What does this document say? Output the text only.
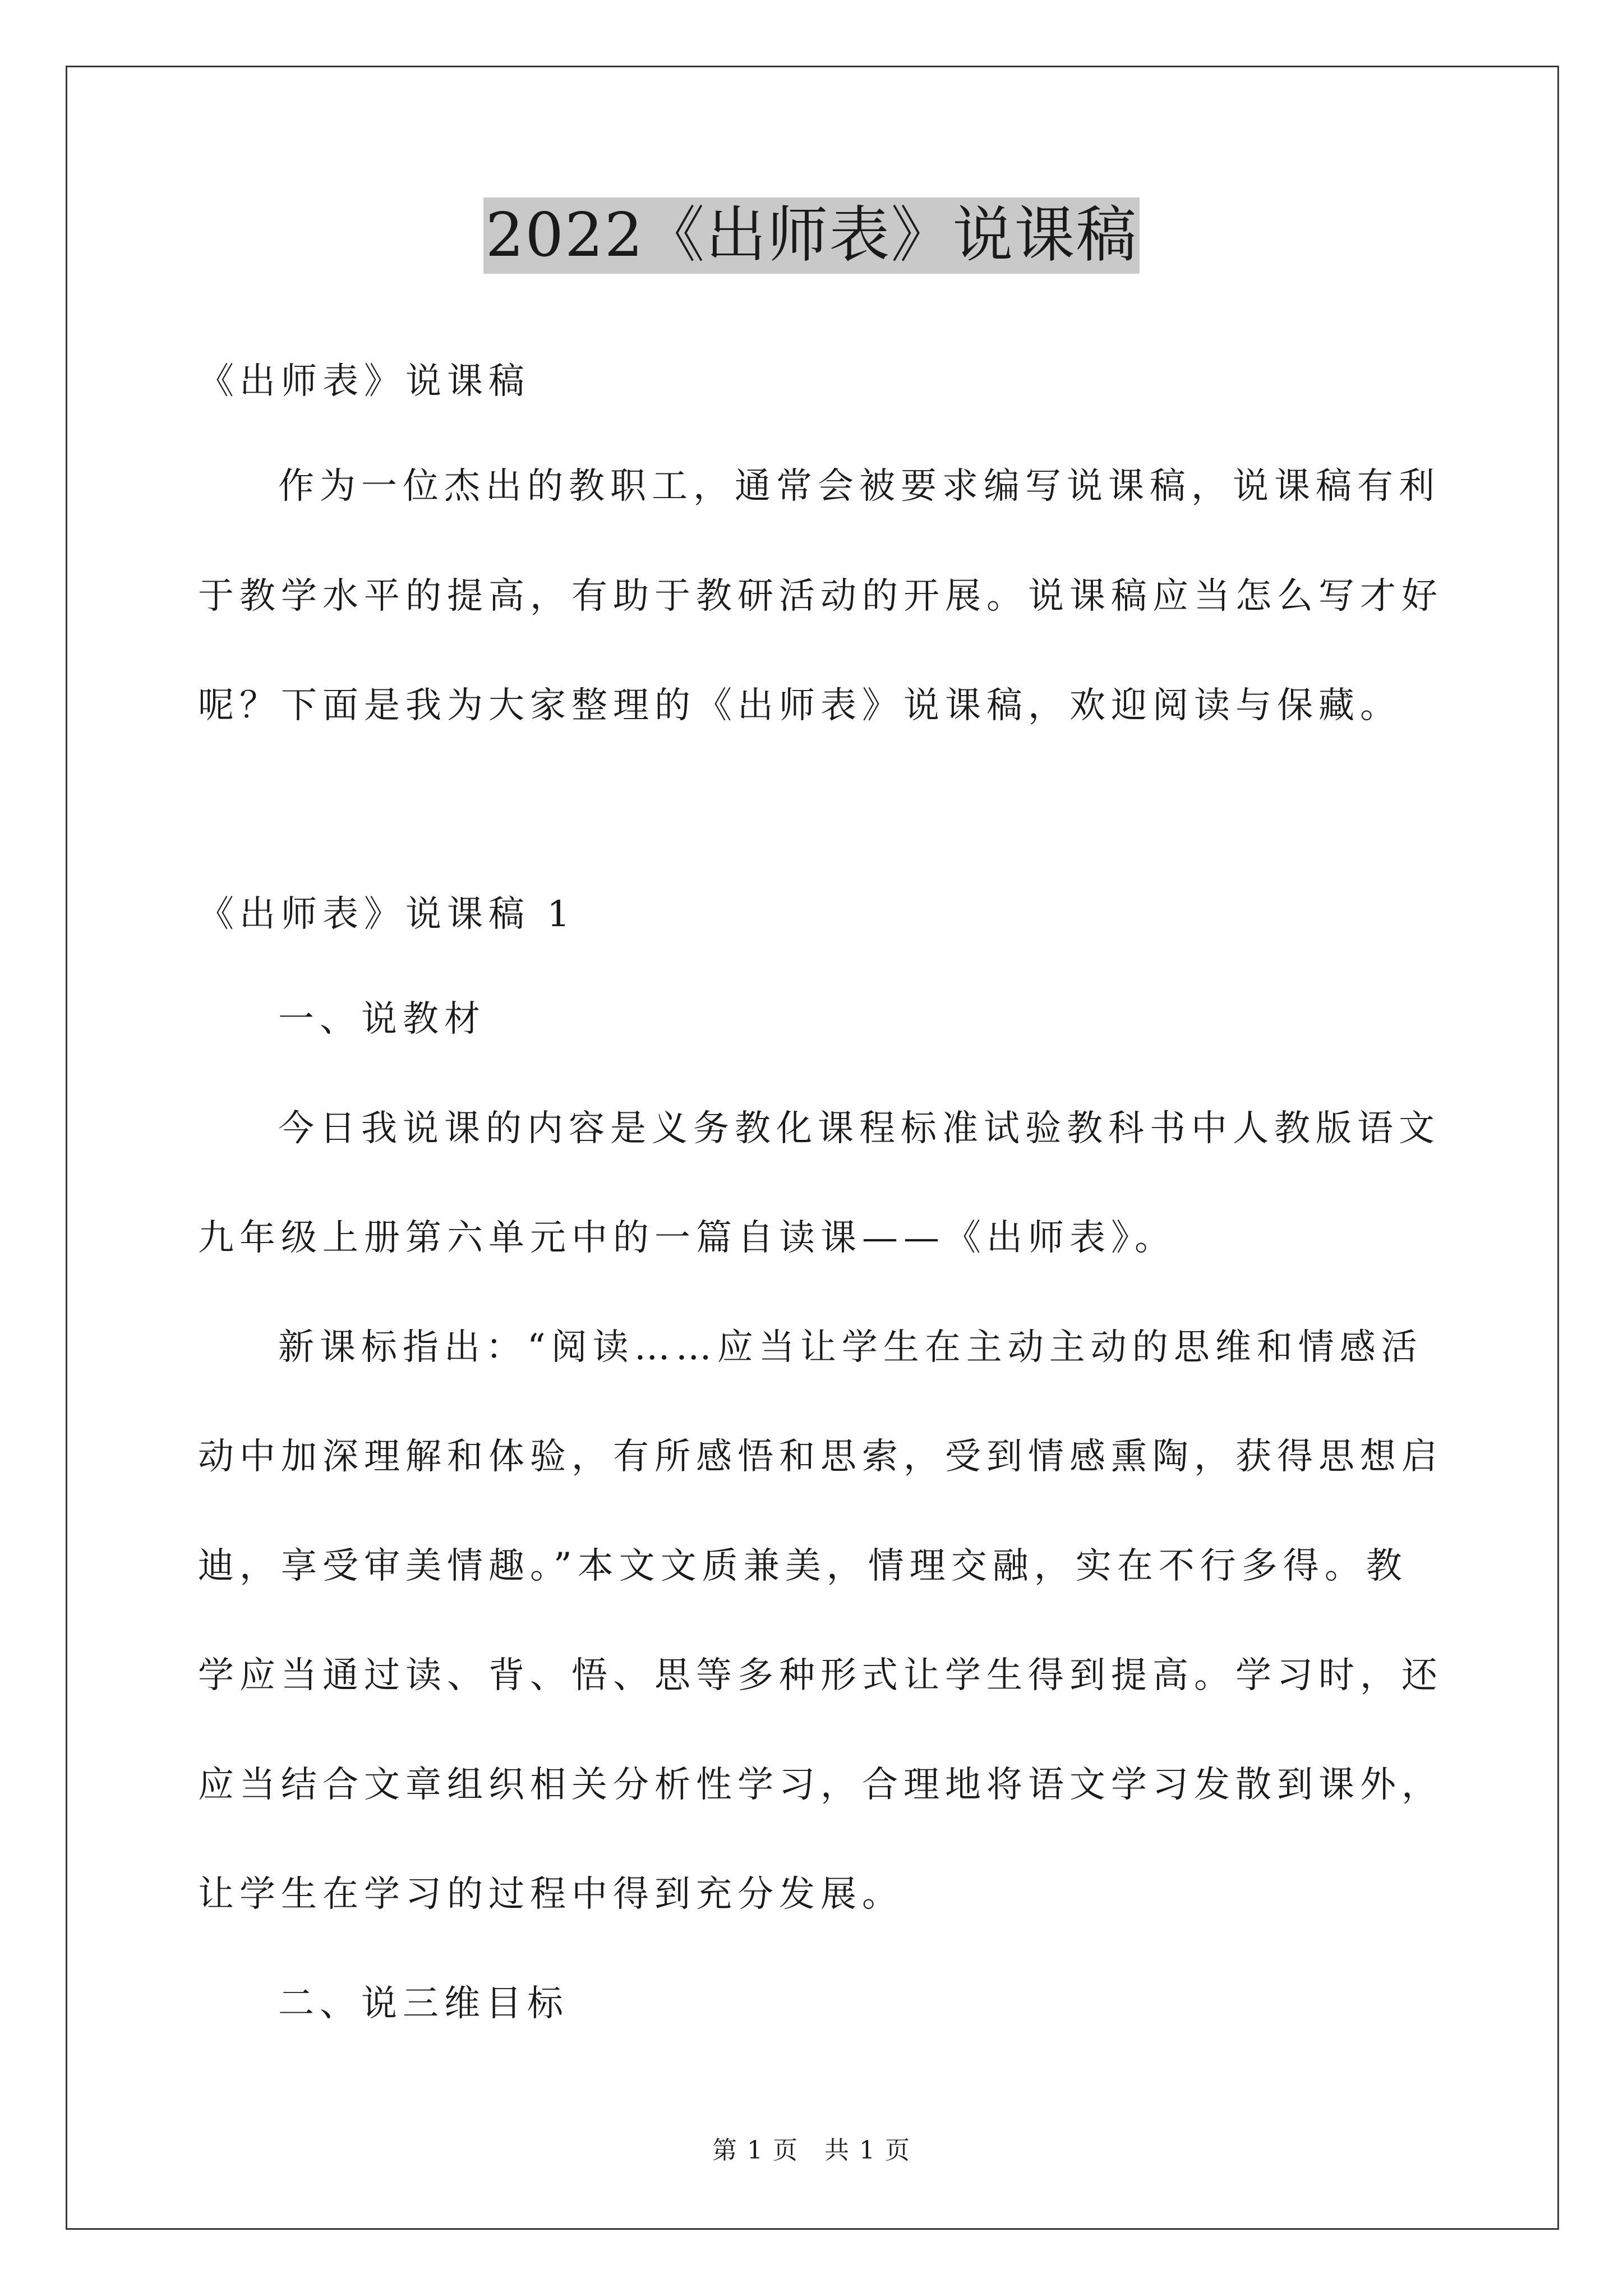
2022《出师表》说课稿
《出师表》说课稿
作为一位杰出的教职工，通常会被要求编写说课稿，说课稿有利
于教学水平的提高，有助于教研活动的开展。说课稿应当怎么写才好
呢？下面是我为大家整理的《出师表》说课稿，欢迎阅读与保藏。
《出师表》说课稿 1
一、说教材
今日我说课的内容是义务教化课程标准试验教科书中人教版语文
九年级上册第六单元中的一篇自读课——《出师表》。
新课标指出：“阅读……应当让学生在主动主动的思维和情感活
动中加深理解和体验，有所感悟和思索，受到情感熏陶，获得思想启
迪，享受审美情趣。”本文文质兼美，情理交融，实在不行多得。教
学应当通过读、背、悟、思等多种形式让学生得到提高。学习时，还
应当结合文章组织相关分析性学习，合理地将语文学习发散到课外，
让学生在学习的过程中得到充分发展。
二、说三维目标
第 1 页　共 1 页
